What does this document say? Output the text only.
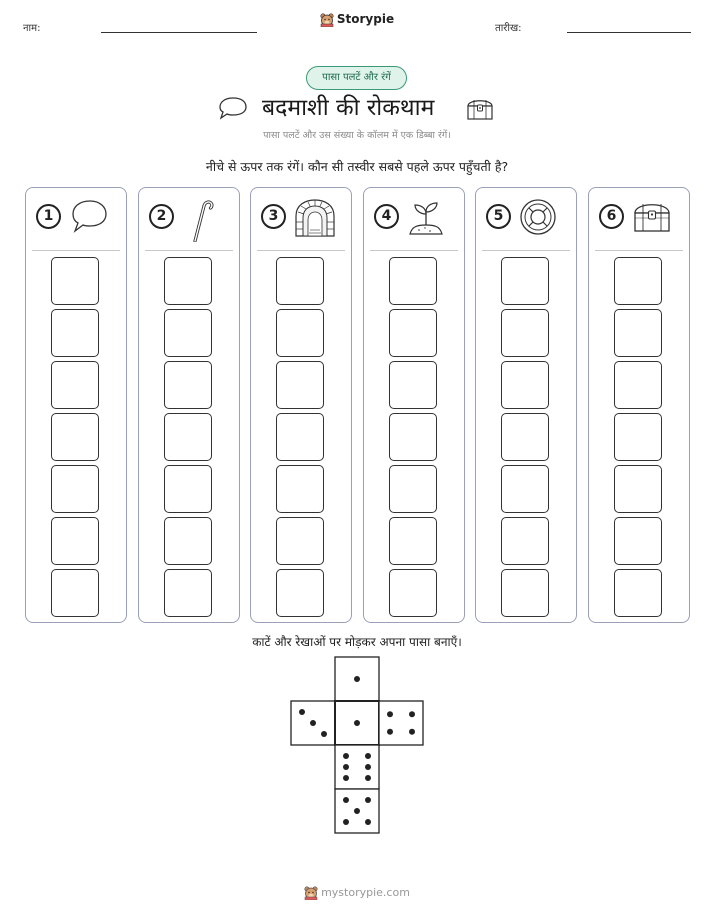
नाम:
Storypie
तारीख:
पासा पलटें और रंगें
बदमाशी की रोकथाम
पासा पलटें और उस संख्या के कॉलम में एक डिब्बा रंगें।
नीचे से ऊपर तक रंगें। कौन सी तस्वीर सबसे पहले ऊपर पहुँचती है?
1	2	3	4	5	6
काटें और रेखाओं पर मोड़कर अपना पासा बनाएँ।
mystorypie.com
